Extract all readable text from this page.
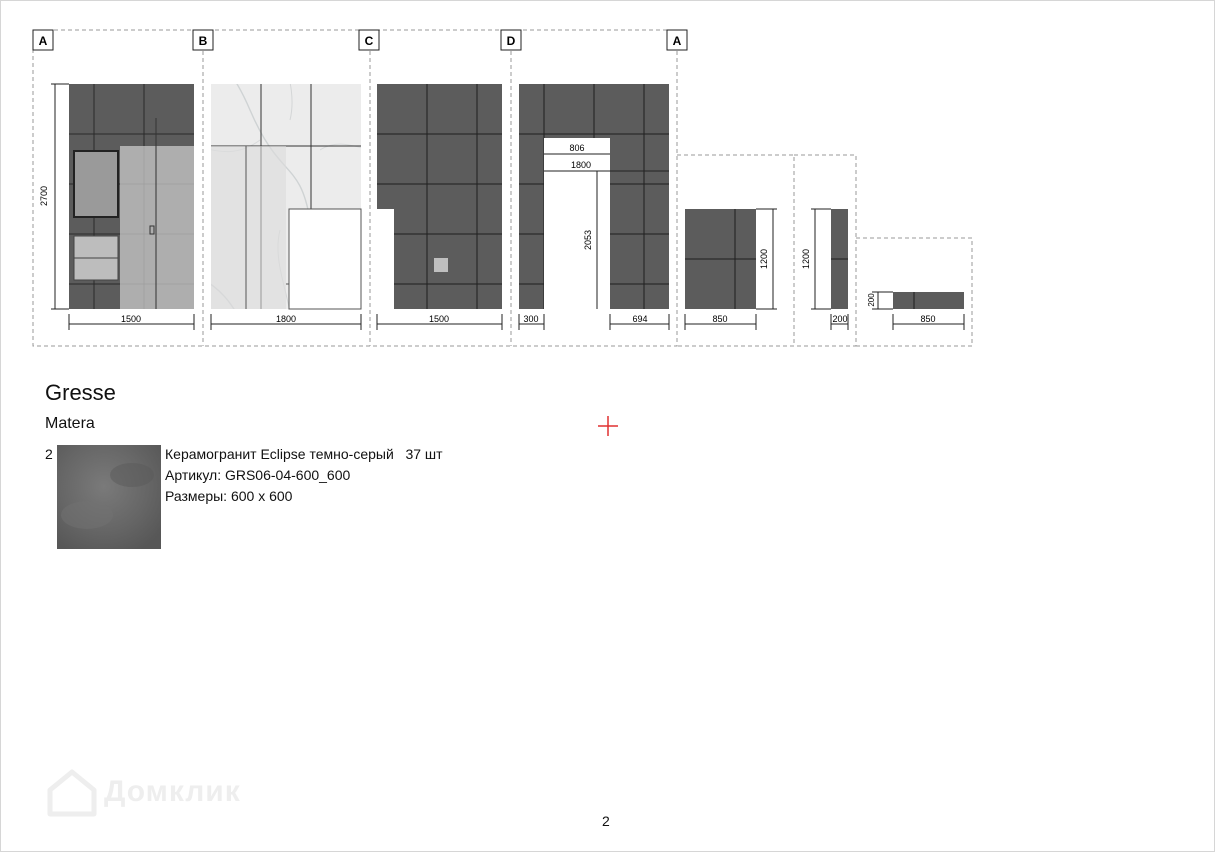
A	B	C	D	A
2700
1500	1800	1500
806
1800
2053
300	694
1200
850
1200
200
200
850
Gresse
Matera
2	Керамогранит Eclipse темно-серый   37 шт
Артикул: GRS06-04-600_600
Размеры: 600 x 600
Домклик
2
